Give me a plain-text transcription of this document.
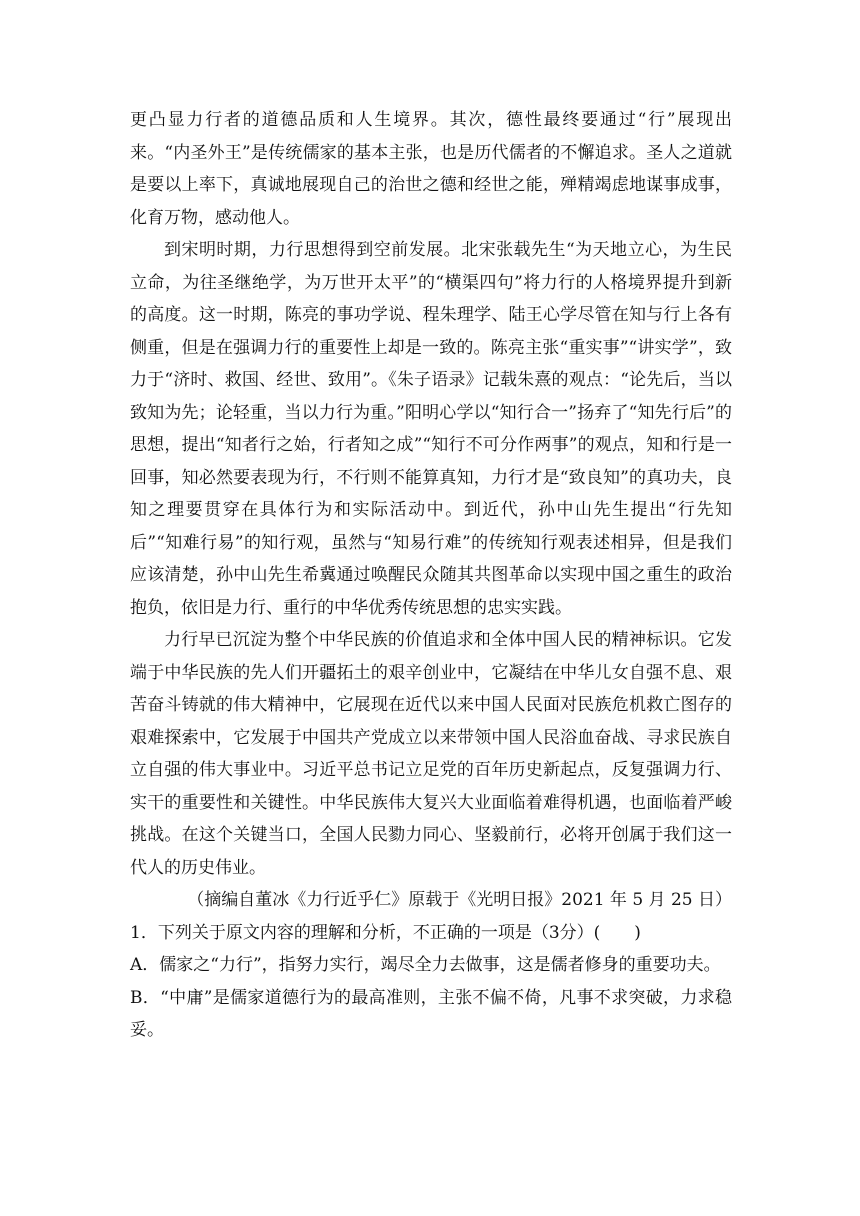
更凸显力行者的道德品质和人生境界。其次，德性最终要通过“行”展现出来。“内圣外王”是传统儒家的基本主张，也是历代儒者的不懈追求。圣人之道就是要以上率下，真诚地展现自己的治世之德和经世之能，殚精竭虑地谋事成事，化育万物，感动他人。

到宋明时期，力行思想得到空前发展。北宋张载先生“为天地立心，为生民立命，为往圣继绝学，为万世开太平”的“横渠四句”将力行的人格境界提升到新的高度。这一时期，陈亮的事功学说、程朱理学、陆王心学尽管在知与行上各有侧重，但是在强调力行的重要性上却是一致的。陈亮主张“重实事”“讲实学”，致力于“济时、救国、经世、致用”。《朱子语录》记载朱熹的观点：“论先后，当以致知为先；论轻重，当以力行为重。”阳明心学以“知行合一”扬弃了“知先行后”的思想，提出“知者行之始，行者知之成”“知行不可分作两事”的观点，知和行是一回事，知必然要表现为行，不行则不能算真知，力行才是“致良知”的真功夫，良知之理要贯穿在具体行为和实际活动中。到近代，孙中山先生提出“行先知后”“知难行易”的知行观，虽然与“知易行难”的传统知行观表述相异，但是我们应该清楚，孙中山先生希冀通过唤醒民众随其共图革命以实现中国之重生的政治抱负，依旧是力行、重行的中华优秀传统思想的忠实实践。

力行早已沉淀为整个中华民族的价值追求和全体中国人民的精神标识。它发端于中华民族的先人们开疆拓土的艰辛创业中，它凝结在中华儿女自强不息、艰苦奋斗铸就的伟大精神中，它展现在近代以来中国人民面对民族危机救亡图存的艰难探索中，它发展于中国共产党成立以来带领中国人民浴血奋战、寻求民族自立自强的伟大事业中。习近平总书记立足党的百年历史新起点，反复强调力行、实干的重要性和关键性。中华民族伟大复兴大业面临着难得机遇，也面临着严峻挑战。在这个关键当口，全国人民勠力同心、坚毅前行，必将开创属于我们这一代人的历史伟业。

（摘编自董冰《力行近乎仁》原载于《光明日报》2021 年 5 月 25 日）

1．下列关于原文内容的理解和分析，不正确的一项是（3分）(　　)

A．儒家之“力行”，指努力实行，竭尽全力去做事，这是儒者修身的重要功夫。

B．“中庸”是儒家道德行为的最高准则，主张不偏不倚，凡事不求突破，力求稳妥。
